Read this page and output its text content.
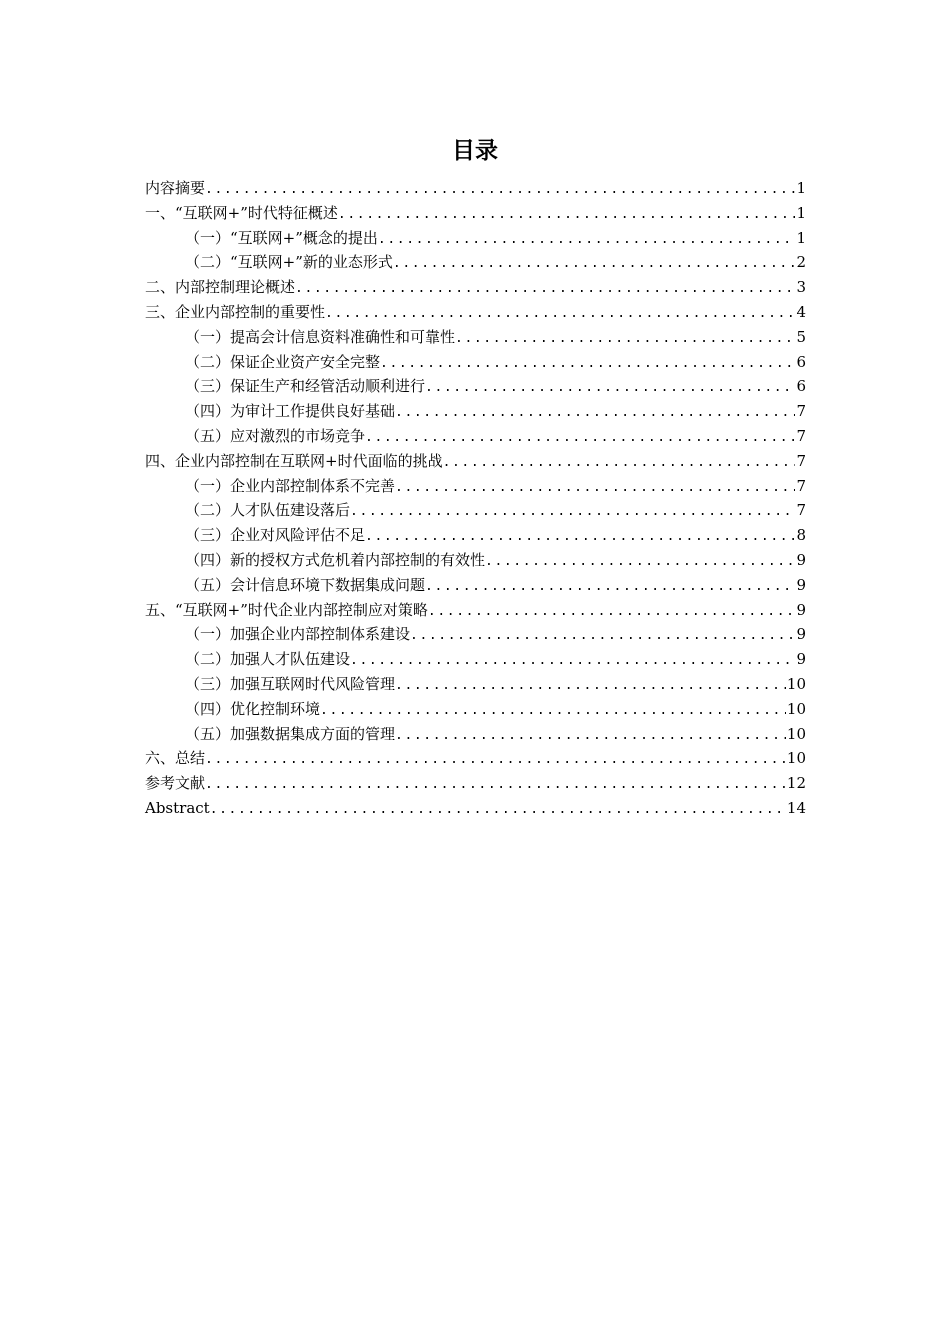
目录
内容摘要 .....	1
一、“互联网+”时代特征概述 .....	1
（一）“互联网+”概念的提出 .....	1
（二）“互联网+”新的业态形式 .....	2
二、内部控制理论概述 .....	3
三、企业内部控制的重要性 .....	4
（一）提高会计信息资料准确性和可靠性 .....	5
（二）保证企业资产安全完整 .....	6
（三）保证生产和经管活动顺利进行 .....	6
（四）为审计工作提供良好基础 .....	7
（五）应对激烈的市场竞争 .....	7
四、企业内部控制在互联网+时代面临的挑战 .....	7
（一）企业内部控制体系不完善 .....	7
（二）人才队伍建设落后 .....	7
（三）企业对风险评估不足 .....	8
（四）新的授权方式危机着内部控制的有效性 .....	9
（五）会计信息环境下数据集成问题 .....	9
五、“互联网+”时代企业内部控制应对策略 .....	9
（一）加强企业内部控制体系建设 .....	9
（二）加强人才队伍建设 .....	9
（三）加强互联网时代风险管理 .....	10
（四）优化控制环境 .....	10
（五）加强数据集成方面的管理 .....	10
六、总结 .....	10
参考文献 .....	12
Abstract .....	14
